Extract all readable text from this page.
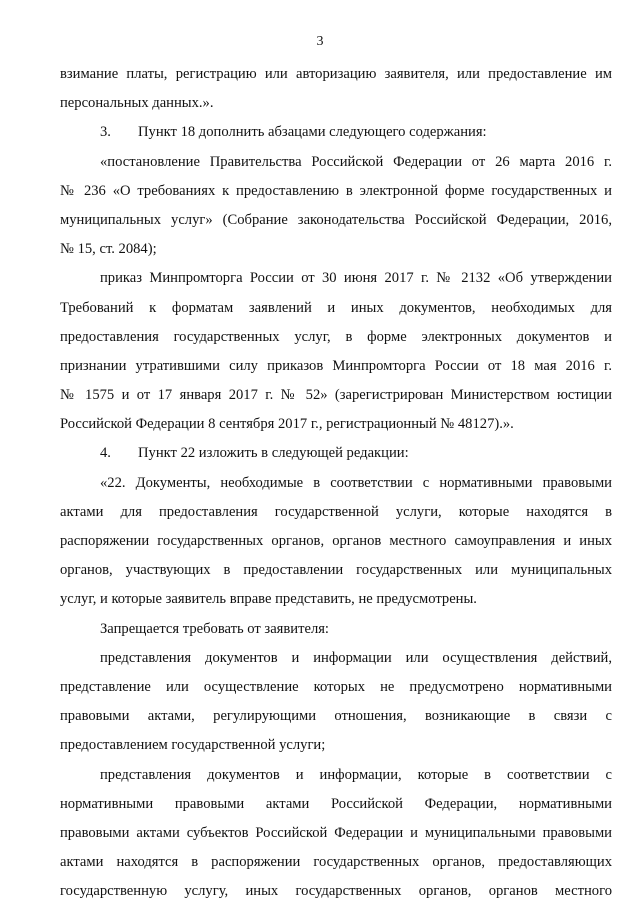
3
взимание платы, регистрацию или авторизацию заявителя, или предоставление им
персональных данных.».
3. Пункт 18 дополнить абзацами следующего содержания:
«постановление Правительства Российской Федерации от 26 марта 2016 г.
№ 236 «О требованиях к предоставлению в электронной форме государственных и
муниципальных услуг» (Собрание законодательства Российской Федерации, 2016,
№ 15, ст. 2084);
приказ Минпромторга России от 30 июня 2017 г. № 2132 «Об утверждении
Требований к форматам заявлений и иных документов, необходимых для
предоставления государственных услуг, в форме электронных документов и
признании утратившими силу приказов Минпромторга России от 18 мая 2016 г.
№ 1575 и от 17 января 2017 г. № 52» (зарегистрирован Министерством юстиции
Российской Федерации 8 сентября 2017 г., регистрационный № 48127).».
4. Пункт 22 изложить в следующей редакции:
«22. Документы, необходимые в соответствии с нормативными правовыми
актами для предоставления государственной услуги, которые находятся в
распоряжении государственных органов, органов местного самоуправления и иных
органов, участвующих в предоставлении государственных или муниципальных
услуг, и которые заявитель вправе представить, не предусмотрены.
Запрещается требовать от заявителя:
представления документов и информации или осуществления действий,
представление или осуществление которых не предусмотрено нормативными
правовыми актами, регулирующими отношения, возникающие в связи с
предоставлением государственной услуги;
представления документов и информации, которые в соответствии с
нормативными правовыми актами Российской Федерации, нормативными
правовыми актами субъектов Российской Федерации и муниципальными правовыми
актами находятся в распоряжении государственных органов, предоставляющих
государственную услугу, иных государственных органов, органов местного
